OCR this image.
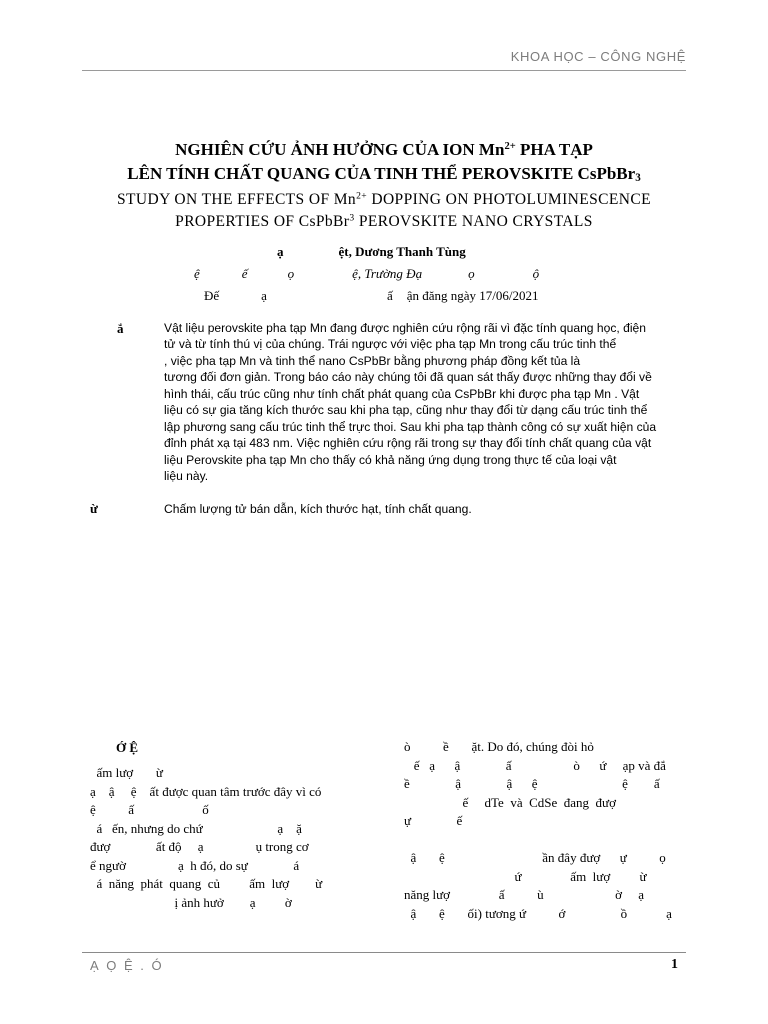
KHOA HỌC – CÔNG NGHỆ
NGHIÊN CỨU ẢNH HƯỞNG CỦA ION $Mn^{2+}$ PHA TẠP
LÊN TÍNH CHẤT QUANG CỦA TINH THỂ PEROVSKITE CsPbBr$_3$
STUDY ON THE EFFECTS OF $Mn^{2+}$ DOPPING ON PHOTOLUMINESCENCE
PROPERTIES OF CsPbBr$^3$ PEROVSKITE NANO CRYSTALS
ạ	ệt, Dương Thanh Tùng
ệ	ế	ọ	ệ, Trường Đạ	ọ	ộ
Đế	ạ	ấ ận đăng ngày 17/06/2021
ắ	Vật liệu perovskite pha tạp Mn đang được nghiên cứu rộng rãi vì đặc tính quang học, điện
tử và từ tính thú vị của chúng. Trái ngược với việc pha tạp Mn trong cấu trúc tinh thể
, việc pha tạp Mn và tinh thể nano CsPbBr bằng phương pháp đồng kết tủa là
tương đối đơn giản. Trong báo cáo này chúng tôi đã quan sát thấy được những thay đổi về
hình thái, cấu trúc cũng như tính chất phát quang của CsPbBr khi được pha tạp Mn . Vật
liệu có sự gia tăng kích thước sau khi pha tạp, cũng như thay đổi từ dạng cấu trúc tinh thể
lập phương sang cấu trúc tinh thể trực thoi. Sau khi pha tạp thành công có sự xuất hiện của
đỉnh phát xạ tại 483 nm. Việc nghiên cứu rộng rãi trong sự thay đổi tính chất quang của vật
liệu Perovskite pha tạp Mn cho thấy có khả năng ứng dụng trong thực tế của loại vật
liệu này.
ừ	Chấm lượng tử bán dẫn, kích thước hạt, tính chất quang.
Ớ Ệ
ấm lượ       ừ
ạ    ậ     ệ    ất được quan tâm trước đây vì có
ệ          ấ                     ố
á   ến, nhưng do chứ                       ạ    ặ
đượ              ất độ     ạ                ụ trong cơ
ể ngườ                ạ  h đó, do sự              á
á  năng  phát  quang  củ         ấm  lượ        ừ
ị ảnh hưở        ạ         ờ
ò          ề       ặt. Do đó, chúng đòi hỏ
ế   ạ      ậ              ấ                   ò      ứ     ạp và đắ
ề              ậ              ậ      ệ                          ệ        ấ
ế     dTe  và  CdSe  đang  đượ
ự              ế

ậ       ệ                              ần đây đượ      ự          ọ
ứ               ấm  lượ         ừ
năng lượ               ấ          ù                      ờ     ạ
ậ       ệ       ối) tương ứ          ớ                 ồ            ạ
Ạ Ọ Ệ . Ó	1
